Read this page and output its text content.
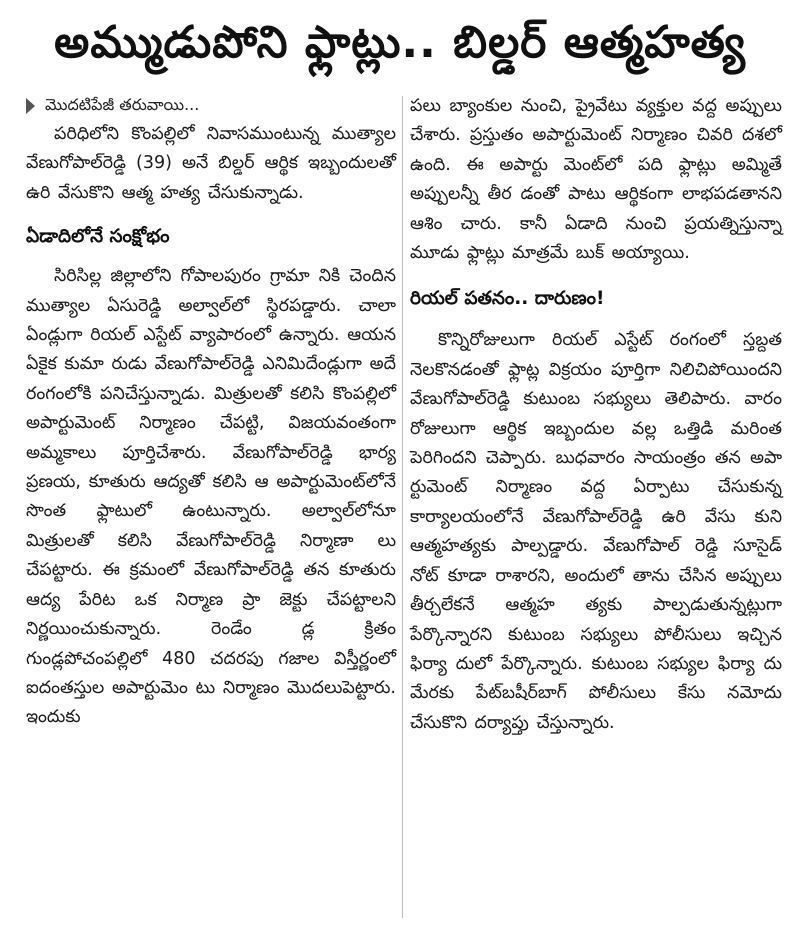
అమ్ముడుపోని ఫ్లాట్లు.. బిల్డర్ ఆత్మహత్య
మొదటిపేజీ తరువాయి...

పరిధిలోని కొంపల్లిలో నివాసముంటున్న ముత్యాల వేణుగోపాల్‌రెడ్డి (39) అనే బిల్డర్ ఆర్థిక ఇబ్బందులతో ఉరి వేసుకొని ఆత్మ హత్య చేసుకున్నాడు.

ఏడాదిలోనే సంక్షోభం

సిరిసిల్ల జిల్లాలోని గోపాలపురం గ్రామా నికి చెందిన ముత్యాల ఏసురెడ్డి అల్వాల్‌లో స్థిరపడ్డారు. చాలా ఏండ్లుగా రియల్ ఎస్టేట్ వ్యాపారంలో ఉన్నారు. ఆయన ఏకైక కుమా రుడు వేణుగోపాల్‌రెడ్డి ఎనిమిదేండ్లుగా అదే రంగంలోకి పనిచేస్తున్నాడు. మిత్రులతో కలిసి కొంపల్లిలో అపార్టుమెంట్ నిర్మాణం చేపట్టి, విజయవంతంగా అమ్మకాలు పూర్తిచేశారు. వేణుగోపాల్‌రెడ్డి భార్య ప్రణయ, కూతురు ఆద్యతో కలిసి ఆ అపార్టుమెంట్‌లోనే సొంత ఫ్లాటులో ఉంటున్నారు. అల్వాల్‌లోనూ మిత్రులతో కలిసి వేణుగోపాల్‌రెడ్డి నిర్మాణా లు చేపట్టారు. ఈ క్రమంలో వేణుగోపాల్‌రెడ్డి తన కూతురు ఆద్య పేరిట ఒక నిర్మాణ ప్రా జెక్టు చేపట్టాలని నిర్ణయించుకున్నారు. రెండేం డ్ల క్రితం గుండ్లపోచంపల్లిలో 480 చదరపు గజాల విస్తీర్ణంలో ఐదంతస్తుల అపార్టుమెం టు నిర్మాణం మొదలుపెట్టారు. ఇందుకు

పలు బ్యాంకుల నుంచి, ప్రైవేటు వ్యక్తుల వద్ద అప్పులు చేశారు. ప్రస్తుతం అపార్టుమెంట్ నిర్మాణం చివరి దశలో ఉంది. ఈ అపార్టు మెంట్‌లో పది ఫ్లాట్లు అమ్మితే అప్పులన్నీ తీర డంతో పాటు ఆర్థికంగా లాభపడతానని ఆశిం చారు. కానీ ఏడాది నుంచి ప్రయత్నిస్తున్నా మూడు ఫ్లాట్లు మాత్రమే బుక్ అయ్యాయి.

రియల్ పతనం.. దారుణం!

కొన్నిరోజులుగా రియల్ ఎస్టేట్ రంగంలో స్తబ్దత నెలకొనడంతో ఫ్లాట్ల విక్రయం పూర్తిగా నిలిచిపోయిందని వేణుగోపాల్‌రెడ్డి కుటుంబ సభ్యులు తెలిపారు. వారం రోజులుగా ఆర్థిక ఇబ్బందుల వల్ల ఒత్తిడి మరింత పెరిగిందని చెప్పారు. బుధవారం సాయంత్రం తన అపా ర్టుమెంట్ నిర్మాణం వద్ద ఏర్పాటు చేసుకున్న కార్యాలయంలోనే వేణుగోపాల్‌రెడ్డి ఉరి వేసు కుని ఆత్మహత్యకు పాల్పడ్డారు. వేణుగోపాల్ రెడ్డి సూసైడ్ నోట్ కూడా రాశారని, అందులో తాను చేసిన అప్పులు తీర్చలేకనే ఆత్మహ త్యకు పాల్పడుతున్నట్లుగా పేర్కొన్నారని కుటుంబ సభ్యులు పోలీసులు ఇచ్చిన ఫిర్యా దులో పేర్కొన్నారు. కుటుంబ సభ్యుల ఫిర్యా దు మేరకు పేట్‌బషీర్‌బాగ్ పోలీసులు కేసు నమోదు చేసుకొని దర్యాప్తు చేస్తున్నారు.
